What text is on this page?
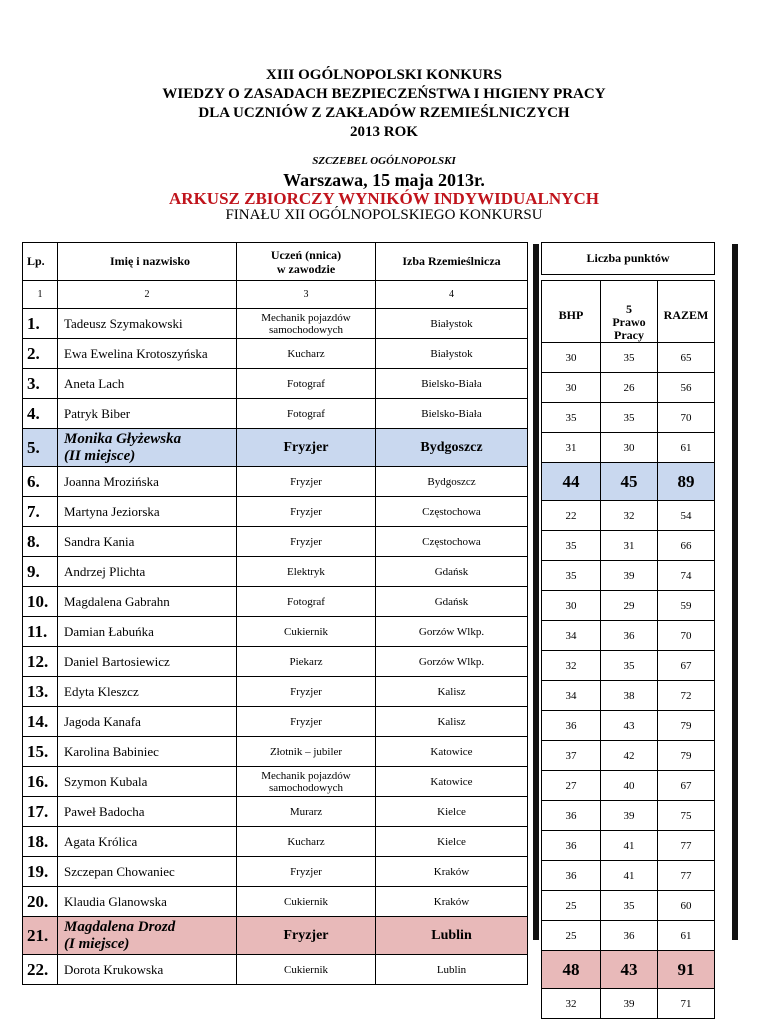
XIII OGÓLNOPOLSKI KONKURS
WIEDZY O ZASADACH BEZPIECZEŃSTWA I HIGIENY PRACY
DLA UCZNIÓW Z ZAKŁADÓW RZEMIEŚLNICZYCH
2013 ROK
SZCZEBEL OGÓLNOPOLSKI
Warszawa, 15 maja 2013r.
ARKUSZ ZBIORCZY WYNIKÓW INDYWIDUALNYCH
FINAŁU XII OGÓLNOPOLSKIEGO KONKURSU
Lp.	Imię i nazwisko	Uczeń (nnica)
w zawodzie	Izba Rzemieślnicza
1	2	3	4
1.	Tadeusz Szymakowski	Mechanik pojazdów samochodowych	Białystok
2.	Ewa Ewelina Krotoszyńska	Kucharz	Białystok
3.	Aneta Lach	Fotograf	Bielsko-Biała
4.	Patryk Biber	Fotograf	Bielsko-Biała
5.	Monika Głyżewska
(II miejsce)	Fryzjer	Bydgoszcz
6.	Joanna Mrozińska	Fryzjer	Bydgoszcz
7.	Martyna Jeziorska	Fryzjer	Częstochowa
8.	Sandra Kania	Fryzjer	Częstochowa
9.	Andrzej Plichta	Elektryk	Gdańsk
10.	Magdalena Gabrahn	Fotograf	Gdańsk
11.	Damian Łabuńka	Cukiernik	Gorzów Wlkp.
12.	Daniel Bartosiewicz	Piekarz	Gorzów Wlkp.
13.	Edyta Kleszcz	Fryzjer	Kalisz
14.	Jagoda Kanafa	Fryzjer	Kalisz
15.	Karolina Babiniec	Złotnik – jubiler	Katowice
16.	Szymon Kubala	Mechanik pojazdów samochodowych	Katowice
17.	Paweł Badocha	Murarz	Kielce
18.	Agata Królica	Kucharz	Kielce
19.	Szczepan Chowaniec	Fryzjer	Kraków
20.	Klaudia Glanowska	Cukiernik	Kraków
21.	Magdalena Drozd
(I miejsce)	Fryzjer	Lublin
22.	Dorota Krukowska	Cukiernik	Lublin
Liczba punktów		

BHP	5
Prawo
Pracy	RAZEM
30	35	65
30	26	56
35	35	70
31	30	61
44	45	89
22	32	54
35	31	66
35	39	74
30	29	59
34	36	70
32	35	67
34	38	72
36	43	79
37	42	79
27	40	67
36	39	75
36	41	77
36	41	77
25	35	60
25	36	61
48	43	91
32	39	71
